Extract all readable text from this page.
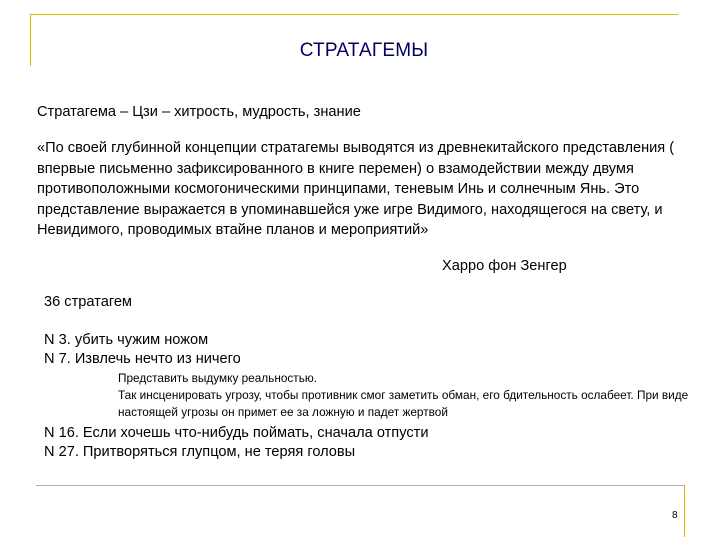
СТРАТАГЕМЫ

Стратагема – Цзи – хитрость, мудрость, знание

«По своей глубинной концепции стратагемы выводятся из древнекитайского представления ( впервые письменно зафиксированного в книге перемен) о взамодействии между двумя противоположными космогоническими принципами, теневым Инь и солнечным Янь. Это представление выражается в упоминавшейся уже игре Видимого, находящегося на свету, и Невидимого, проводимых втайне планов и мероприятий»

Харро фон Зенгер
36 стратагем
N 3. убить чужим ножом
N 7. Извлечь нечто из ничего

Представить выдумку реальностью.

Так инсценировать угрозу, чтобы противник смог заметить обман, его бдительность ослабеет. При виде настоящей угрозы он примет ее за ложную и падет жертвой

N 16. Если хочешь что-нибудь поймать, сначала отпусти
N 27. Притворяться глупцом, не теряя головы
8
